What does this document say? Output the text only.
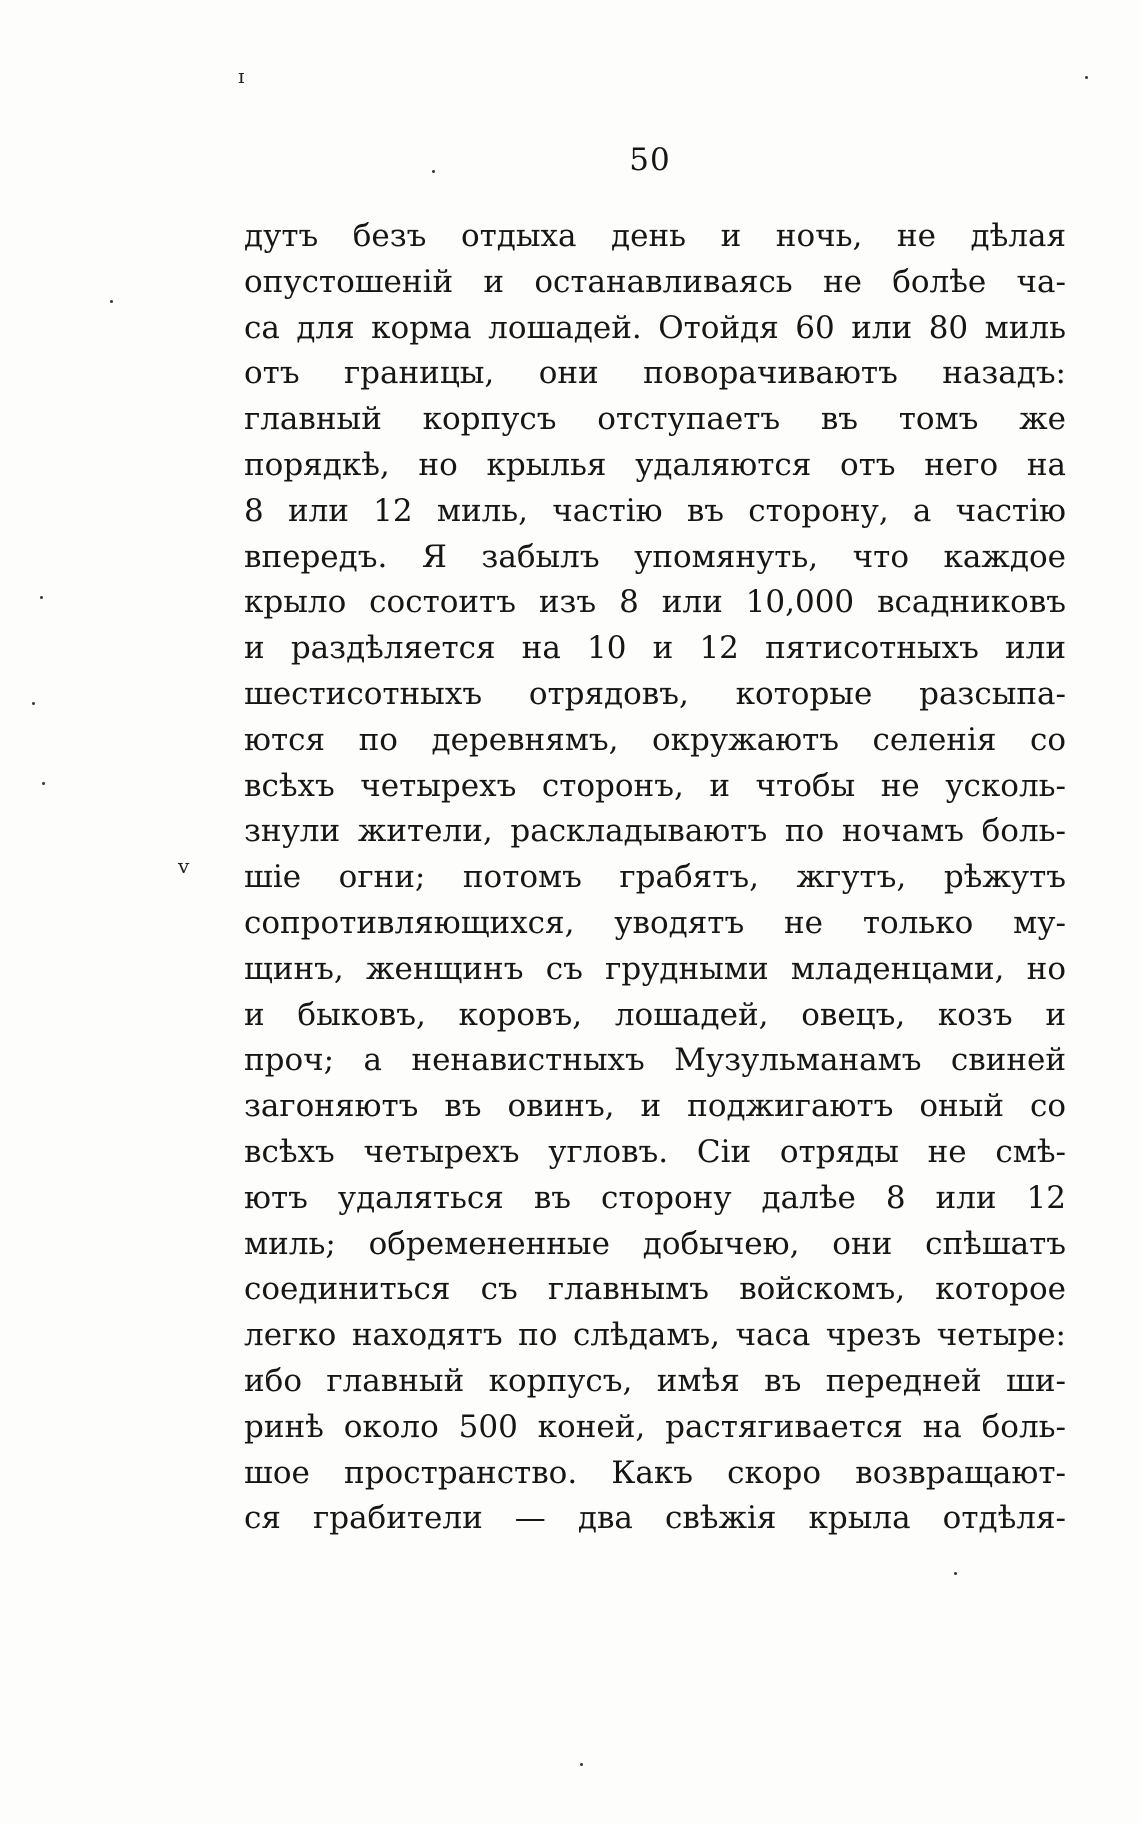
ɪ
v
50
дутъ безъ отдыха день и ночь, не дѣлая
опустошеній и останавливаясь не болѣе ча-
са для корма лошадей. Отойдя 60 или 80 миль
отъ границы, они поворачиваютъ назадъ:
главный корпусъ отступаетъ въ томъ же
порядкѣ, но крылья удаляются отъ него на
8 или 12 миль, частію въ сторону, а частію
впередъ. Я забылъ упомянуть, что каждое
крыло состоитъ изъ 8 или 10,000 всадниковъ
и раздѣляется на 10 и 12 пятисотныхъ или
шестисотныхъ отрядовъ, которые разсыпа-
ются по деревнямъ, окружаютъ селенія со
всѣхъ четырехъ сторонъ, и чтобы не усколь-
знули жители, раскладываютъ по ночамъ боль-
шіе огни; потомъ грабятъ, жгутъ, рѣжутъ
сопротивляющихся, уводятъ не только му-
щинъ, женщинъ съ грудными младенцами, но
и быковъ, коровъ, лошадей, овецъ, козъ и
проч; а ненавистныхъ Музульманамъ свиней
загоняютъ въ овинъ, и поджигаютъ оный со
всѣхъ четырехъ угловъ. Сіи отряды не смѣ-
ютъ удаляться въ сторону далѣе 8 или 12
миль; обремененные добычею, они спѣшатъ
соединиться съ главнымъ войскомъ, которое
легко находятъ по слѣдамъ, часа чрезъ четыре:
ибо главный корпусъ, имѣя въ передней ши-
ринѣ около 500 коней, растягивается на боль-
шое пространство. Какъ скоро возвращают-
ся грабители — два свѣжія крыла отдѣля-
